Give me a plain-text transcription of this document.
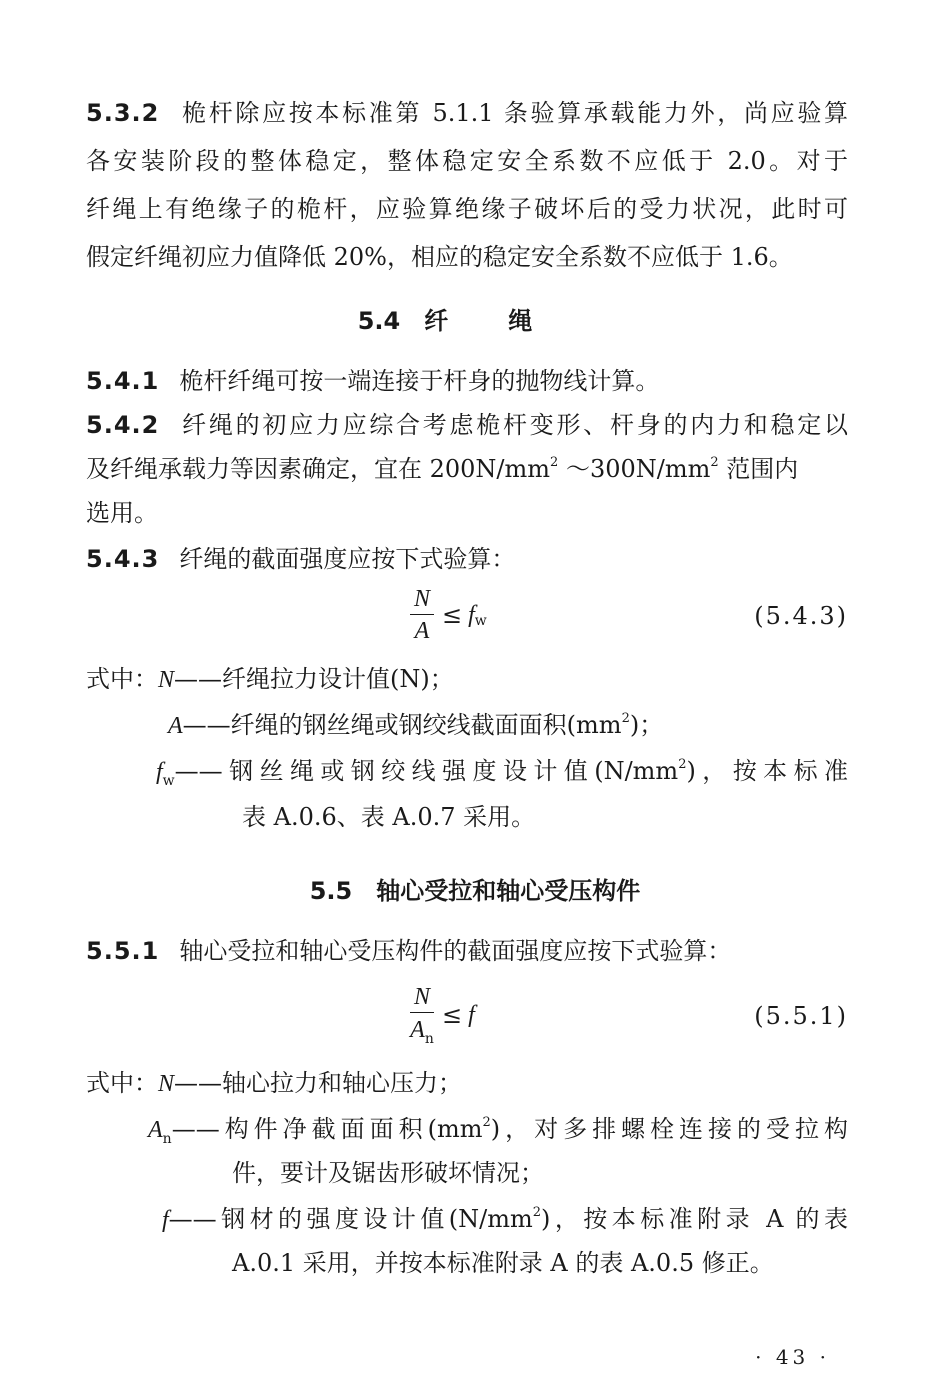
5.3.2 桅杆除应按本标准第 5.1.1 条验算承载能力外，尚应验算
各安装阶段的整体稳定，整体稳定安全系数不应低于 2.0。对于
纤绳上有绝缘子的桅杆，应验算绝缘子破坏后的受力状况，此时可
假定纤绳初应力值降低 20%，相应的稳定安全系数不应低于 1.6。
5.4 纤绳
5.4.1 桅杆纤绳可按一端连接于杆身的抛物线计算。
5.4.2 纤绳的初应力应综合考虑桅杆变形、杆身的内力和稳定以
及纤绳承载力等因素确定，宜在 $200N/mm^2$ $\sim 300N/mm^2$ 范围内
选用。
5.4.3 纤绳的截面强度应按下式验算：
$\frac{N}{A} \le f_w$	(5.4.3)
式中：N——纤绳拉力设计值(N)；
A——纤绳的钢丝绳或钢绞线截面面积$(mm^2)$；
$f_w——$钢丝绳或钢绞线强度设计值$(N/mm^2)$，按本标准
表 A.0.6、表 A.0.7 采用。
5.5 轴心受拉和轴心受压构件
5.5.1 轴心受拉和轴心受压构件的截面强度应按下式验算：
$\frac{N}{A_n} \le f$	(5.5.1)
式中：N——轴心拉力和轴心压力；
$A_n——$构件净截面面积$(mm^2)$，对多排螺栓连接的受拉构
件，要计及锯齿形破坏情况；
f——钢材的强度设计值$(N/mm^2)$，按本标准附录 A 的表
A.0.1 采用，并按本标准附录 A 的表 A.0.5 修正。
· 43 ·
